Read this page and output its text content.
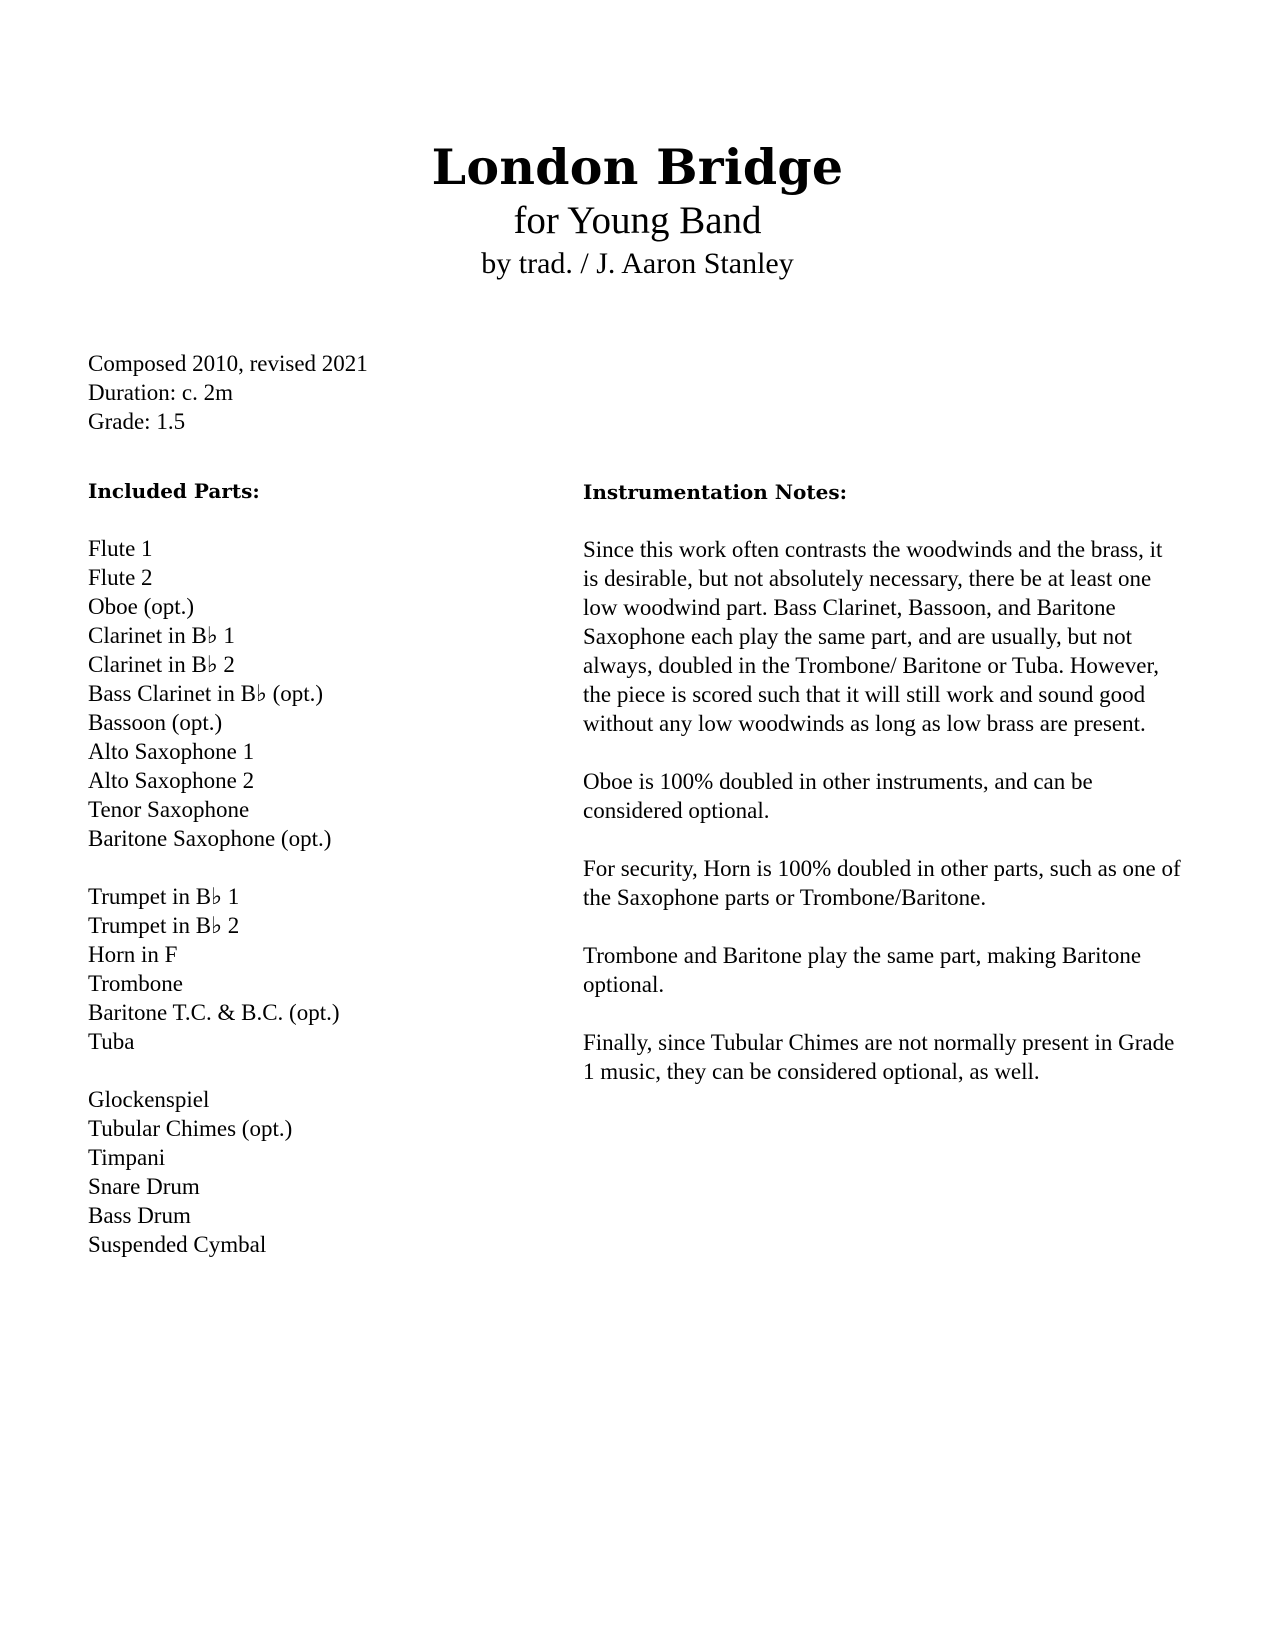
London Bridge
for Young Band
by trad. / J. Aaron Stanley
Composed 2010, revised 2021
Duration: c. 2m
Grade: 1.5
Included Parts:
Flute 1
Flute 2
Oboe (opt.)
Clarinet in B♭ 1
Clarinet in B♭ 2
Bass Clarinet in B♭ (opt.)
Bassoon (opt.)
Alto Saxophone 1
Alto Saxophone 2
Tenor Saxophone
Baritone Saxophone (opt.)
Trumpet in B♭ 1
Trumpet in B♭ 2
Horn in F
Trombone
Baritone T.C. & B.C. (opt.)
Tuba
Glockenspiel
Tubular Chimes (opt.)
Timpani
Snare Drum
Bass Drum
Suspended Cymbal
Instrumentation Notes:

Since this work often contrasts the woodwinds and the brass, it is desirable, but not absolutely necessary, there be at least one low woodwind part. Bass Clarinet, Bassoon, and Baritone Saxophone each play the same part, and are usually, but not always, doubled in the Trombone/ Baritone or Tuba. However, the piece is scored such that it will still work and sound good without any low woodwinds as long as low brass are present.

Oboe is 100% doubled in other instruments, and can be considered optional.

For security, Horn is 100% doubled in other parts, such as one of the Saxophone parts or Trombone/Baritone.

Trombone and Baritone play the same part, making Baritone optional.

Finally, since Tubular Chimes are not normally present in Grade 1 music, they can be considered optional, as well.
